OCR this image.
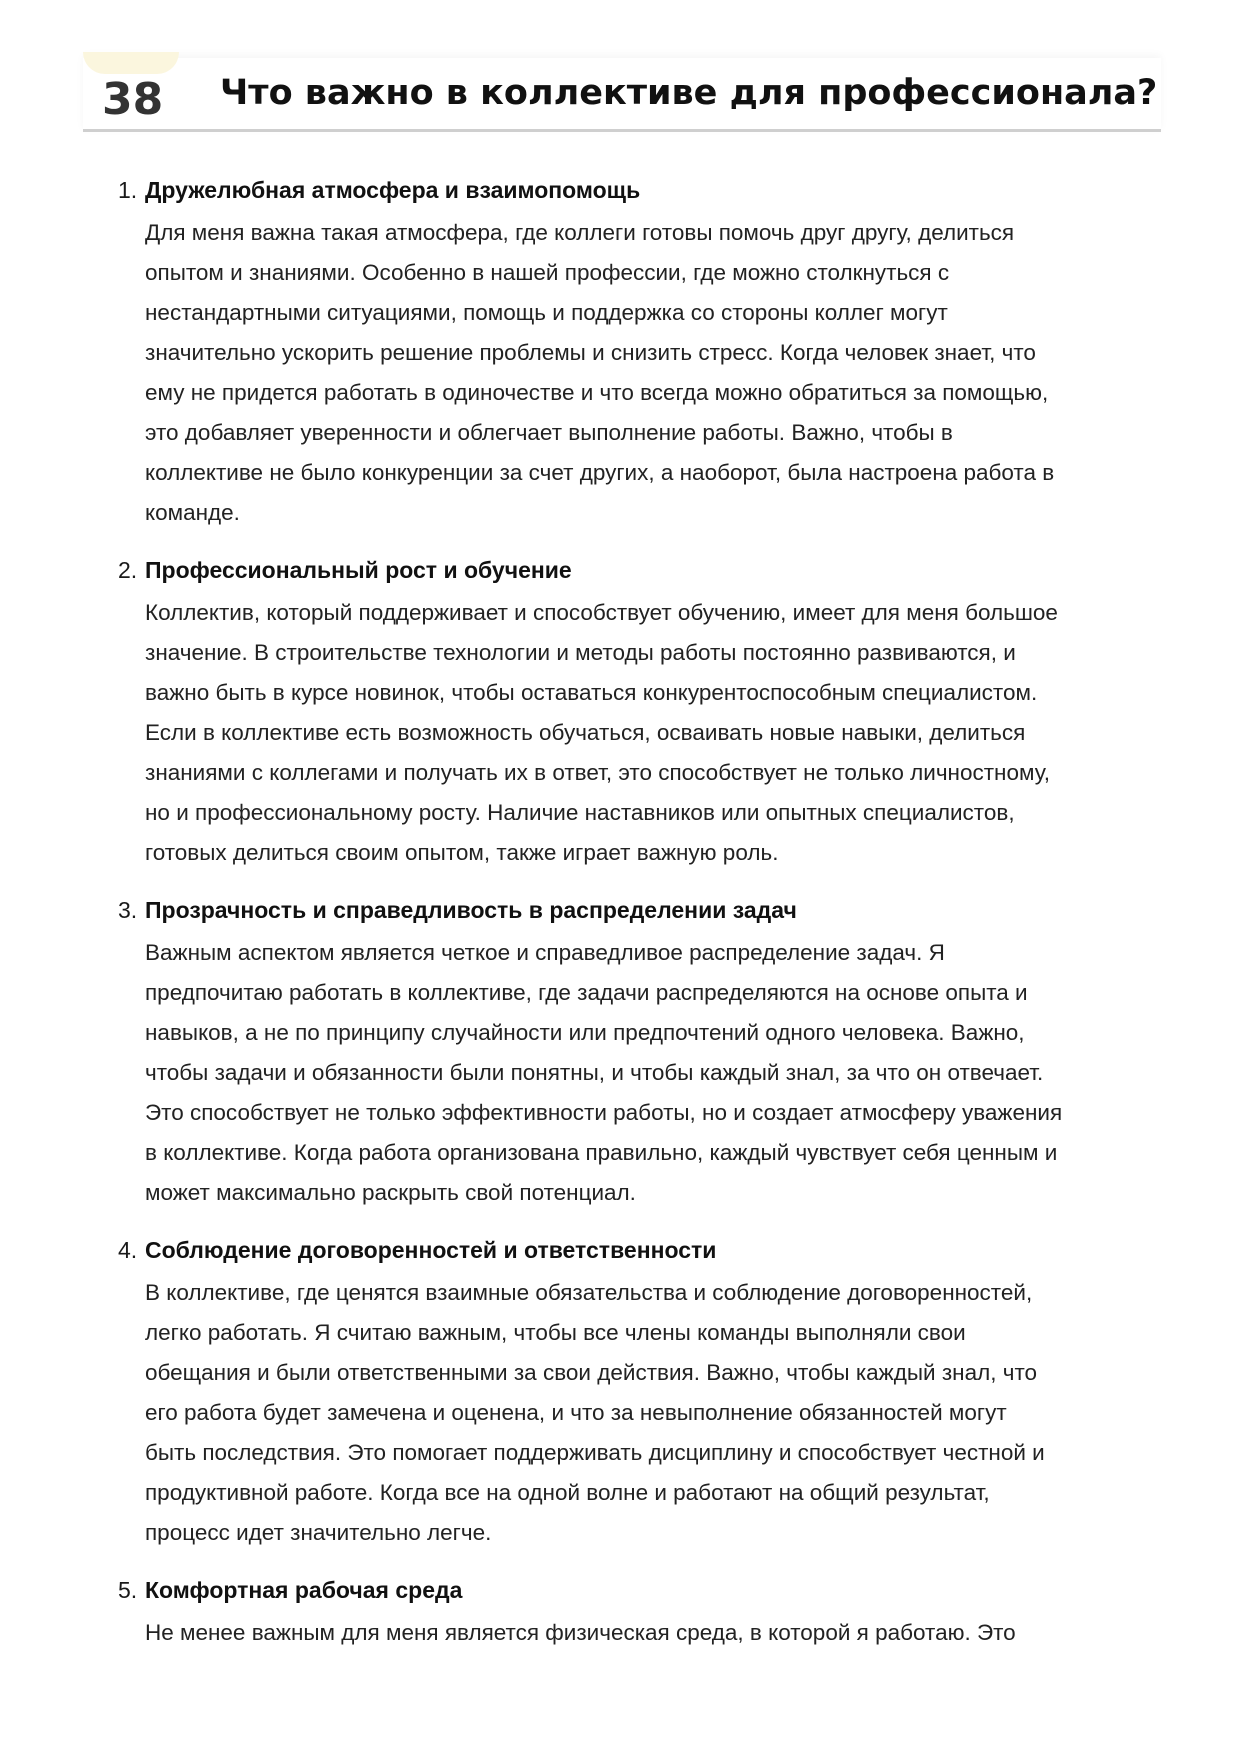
38 Что важно в коллективе для профессионала?
1. Дружелюбная атмосфера и взаимопомощь
Для меня важна такая атмосфера, где коллеги готовы помочь друг другу, делиться
опытом и знаниями. Особенно в нашей профессии, где можно столкнуться с
нестандартными ситуациями, помощь и поддержка со стороны коллег могут
значительно ускорить решение проблемы и снизить стресс. Когда человек знает, что
ему не придется работать в одиночестве и что всегда можно обратиться за помощью,
это добавляет уверенности и облегчает выполнение работы. Важно, чтобы в
коллективе не было конкуренции за счет других, а наоборот, была настроена работа в
команде.
2. Профессиональный рост и обучение
Коллектив, который поддерживает и способствует обучению, имеет для меня большое
значение. В строительстве технологии и методы работы постоянно развиваются, и
важно быть в курсе новинок, чтобы оставаться конкурентоспособным специалистом.
Если в коллективе есть возможность обучаться, осваивать новые навыки, делиться
знаниями с коллегами и получать их в ответ, это способствует не только личностному,
но и профессиональному росту. Наличие наставников или опытных специалистов,
готовых делиться своим опытом, также играет важную роль.
3. Прозрачность и справедливость в распределении задач
Важным аспектом является четкое и справедливое распределение задач. Я
предпочитаю работать в коллективе, где задачи распределяются на основе опыта и
навыков, а не по принципу случайности или предпочтений одного человека. Важно,
чтобы задачи и обязанности были понятны, и чтобы каждый знал, за что он отвечает.
Это способствует не только эффективности работы, но и создает атмосферу уважения
в коллективе. Когда работа организована правильно, каждый чувствует себя ценным и
может максимально раскрыть свой потенциал.
4. Соблюдение договоренностей и ответственности
В коллективе, где ценятся взаимные обязательства и соблюдение договоренностей,
легко работать. Я считаю важным, чтобы все члены команды выполняли свои
обещания и были ответственными за свои действия. Важно, чтобы каждый знал, что
его работа будет замечена и оценена, и что за невыполнение обязанностей могут
быть последствия. Это помогает поддерживать дисциплину и способствует честной и
продуктивной работе. Когда все на одной волне и работают на общий результат,
процесс идет значительно легче.
5. Комфортная рабочая среда
Не менее важным для меня является физическая среда, в которой я работаю. Это
